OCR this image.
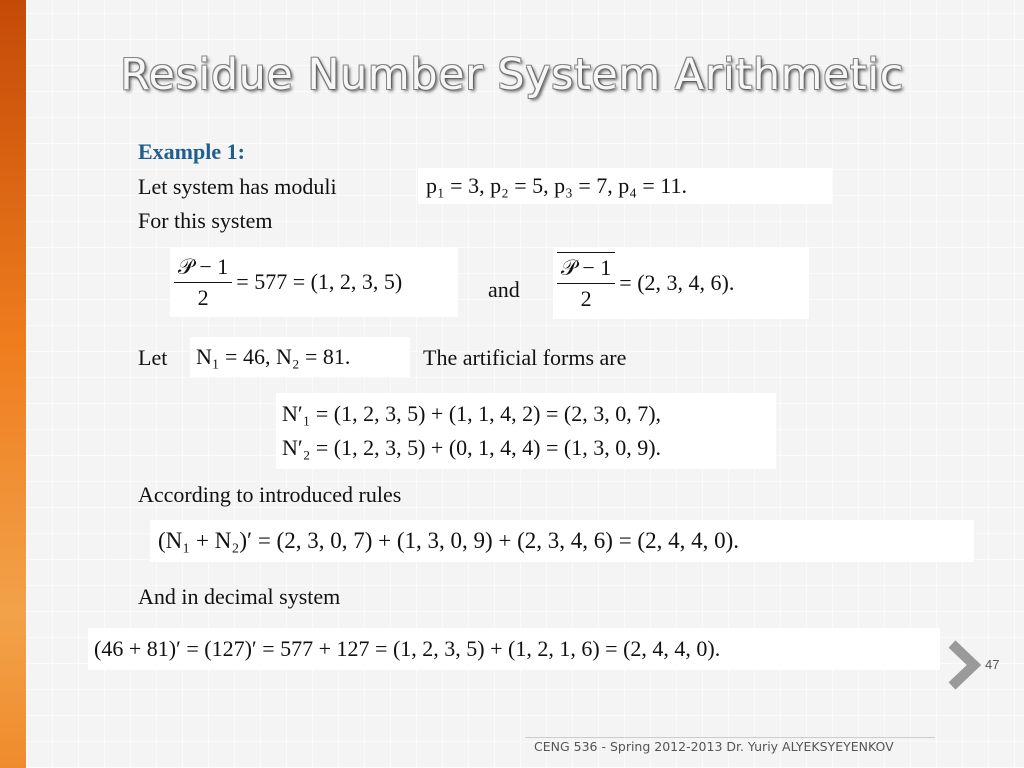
Residue Number System Arithmetic
Example 1:
Let system has moduli	p₁ = 3, p₂ = 5, p₃ = 7, p₄ = 11.
For this system
$\frac{\text{𝒫 − 1}}{2} = 577 = (1$, 2, 3, 5)	and $\frac{\text{𝒫 − 1}}{2} = (2$, 3, 4, 6).
Let N₁ = 46, N₂ = 81.	The artificial forms are
N′₁ = (1, 2, 3, 5) + (1, 1, 4, 2) = (2, 3, 0, 7),
N′₂ = (1, 2, 3, 5) + (0, 1, 4, 4) = (1, 3, 0, 9).
According to introduced rules
(N₁ + N₂)′ = (2, 3, 0, 7) + (1, 3, 0, 9) + (2, 3, 4, 6) = (2, 4, 4, 0).
And in decimal system
(46 + 81)′ = (127)′ = 577 + 127 = (1, 2, 3, 5) + (1, 2, 1, 6) = (2, 4, 4, 0).
47
CENG 536 - Spring 2012-2013 Dr. Yuriy ALYEKSYEYENKOV
